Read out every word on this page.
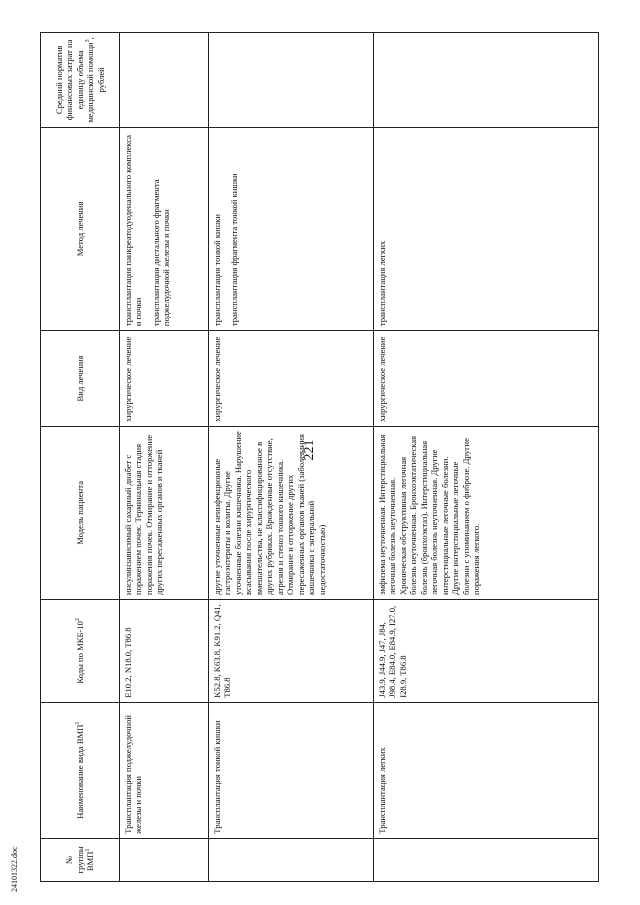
221
24101322.doc	№ группы ВМП$^1$	Наименование вида ВМП$^1$	Коды по МКБ-$10^2$	Модель пациента	Вид лечения	Метод лечения	Средний норматив финансовых затрат на единицу объема медицинской помощи$^3$, рублей
	Трансплантация поджелудочной железы и почки	E10.2, N18.0, T86.8	инсулинзависимый сахарный диабет с поражением почек. Терминальная стадия поражения почек. Отмирание и отторжение других пересаженных органов и тканей	хирургическое лечение	трансплантация панкреатодуоденального комплекса и почки трансплантация дистального фрагмента поджелудочной железы и почки	

	Трансплантация тонкой кишки	K52.8, K63.8, K91.2, Q41, T86.8	другие уточненные неинфекционные гастроэнтериты и колиты. Другие уточненные болезни кишечника. Нарушение всасывания после хирургического вмешательства, не классифицированное в других рубриках. Врожденные отсутствие, атрезия и стеноз тонкого кишечника. Отмирание и отторжение других пересаженных органов тканей (заболевания кишечника с энтеральной недостаточностью)	хирургическое лечение	трансплантация тонкой кишки трансплантация фрагмента тонкой кишки	

	Трансплантация легких	J43.9, J44.9, J47, J84, J98.4, E84.0, E84.9, I27.0, I28.9, T86.8	эмфизема неуточненная. Интерстициальная легочная болезнь неуточненная. Хроническая обструктивная легочная болезнь неуточненная. Бронхоэктатическая болезнь (бронхоэктаз). Интерстициальная легочная болезнь неуточненная. Другие интерстициальные легочные болезни. Другие интерстициальные легочные болезни с упоминанием о фиброзе. Другие поражения легкого.	хирургическое лечение	трансплантация легких	
